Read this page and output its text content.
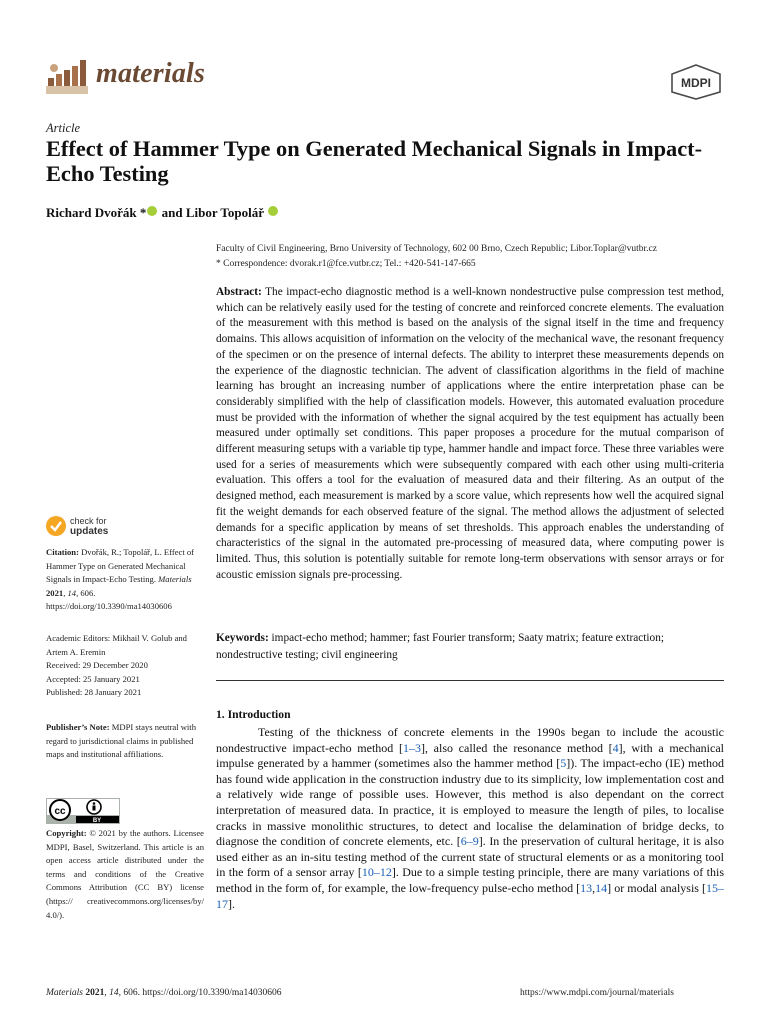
materials	MDPI
Article
Effect of Hammer Type on Generated Mechanical Signals in Impact-Echo Testing
Richard Dvořák * and Libor Topolář
Faculty of Civil Engineering, Brno University of Technology, 602 00 Brno, Czech Republic; Libor.Toplar@vutbr.cz
* Correspondence: dvorak.r1@fce.vutbr.cz; Tel.: +420-541-147-665
Abstract: The impact-echo diagnostic method is a well-known nondestructive pulse compression test method, which can be relatively easily used for the testing of concrete and reinforced concrete elements. The evaluation of the measurement with this method is based on the analysis of the signal itself in the time and frequency domains. This allows acquisition of information on the velocity of the mechanical wave, the resonant frequency of the specimen or on the presence of internal defects. The ability to interpret these measurements depends on the experience of the diagnostic technician. The advent of classification algorithms in the field of machine learning has brought an increasing number of applications where the entire interpretation phase can be considerably simplified with the help of classification models. However, this automated evaluation procedure must be provided with the information of whether the signal acquired by the test equipment has actually been measured under optimally set conditions. This paper proposes a procedure for the mutual comparison of different measuring setups with a variable tip type, hammer handle and impact force. These three variables were used for a series of measurements which were subsequently compared with each other using multi-criteria evaluation. This offers a tool for the evaluation of measured data and their filtering. As an output of the designed method, each measurement is marked by a score value, which represents how well the acquired signal fit the weight demands for each observed feature of the signal. The method allows the adjustment of selected demands for a specific application by means of set thresholds. This approach enables the understanding of characteristics of the signal in the automated pre-processing of measured data, where computing power is limited. Thus, this solution is potentially suitable for remote long-term observations with sensor arrays or for acoustic emission signals pre-processing.
Keywords: impact-echo method; hammer; fast Fourier transform; Saaty matrix; feature extraction; nondestructive testing; civil engineering
1. Introduction
Testing of the thickness of concrete elements in the 1990s began to include the acoustic nondestructive impact-echo method [1–3], also called the resonance method [4], with a mechanical impulse generated by a hammer (sometimes also the hammer method [5]). The impact-echo (IE) method has found wide application in the construction industry due to its simplicity, low implementation cost and a relatively wide range of possible uses. However, this method is also dependant on the correct interpretation of measured data. In practice, it is employed to measure the length of piles, to localise cracks in massive monolithic structures, to detect and localise the delamination of bridge decks, to diagnose the condition of concrete elements, etc. [6–9]. In the preservation of cultural heritage, it is also used either as an in-situ testing method of the current state of structural elements or as a monitoring tool in the form of a sensor array [10–12]. Due to a simple testing principle, there are many variations of this method in the form of, for example, the low-frequency pulse-echo method [13,14] or modal analysis [15–17].
check for
updates
Citation: Dvořák, R.; Topolář, L. Effect of Hammer Type on Generated Mechanical Signals in Impact-Echo Testing. Materials 2021, 14, 606. https://doi.org/10.3390/ma14030606
Academic Editors: Mikhail V. Golub and Artem A. Eremin
Received: 29 December 2020
Accepted: 25 January 2021
Published: 28 January 2021
Publisher’s Note: MDPI stays neutral with regard to jurisdictional claims in published maps and institutional affiliations.
cc
BY
Copyright: © 2021 by the authors. Licensee MDPI, Basel, Switzerland. This article is an open access article distributed under the terms and conditions of the Creative Commons Attribution (CC BY) license (https:// creativecommons.org/licenses/by/ 4.0/).
Materials 2021, 14, 606. https://doi.org/10.3390/ma14030606	https://www.mdpi.com/journal/materials
